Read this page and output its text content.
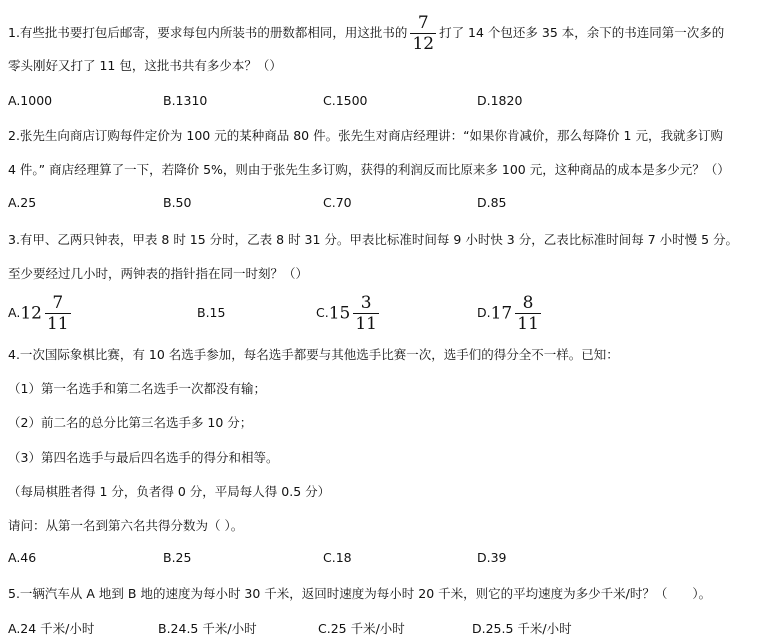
1.有些批书要打包后邮寄，要求每包内所装书的册数都相同，用这批书的 $\frac{7}{12}$ 打了 14 个包还多 35 本，余下的书连同第一次多的
零头刚好又打了 11 包，这批书共有多少本？（）
A.1000	B.1310	C.1500	D.1820
2.张先生向商店订购每件定价为 100 元的某种商品 80 件。张先生对商店经理讲：“如果你肯减价，那么每降价 1 元，我就多订购
4 件。” 商店经理算了一下，若降价 5%，则由于张先生多订购，获得的利润反而比原来多 100 元，这种商品的成本是多少元？（）
A.25	B.50	C.70	D.85
3.有甲、乙两只钟表，甲表 8 时 15 分时，乙表 8 时 31 分。甲表比标准时间每 9 小时快 3 分，乙表比标准时间每 7 小时慢 5 分。
至少要经过几小时，两钟表的指针指在同一时刻？（）
$A.12 \frac{7}{11}$	B.15	$C.15 \frac{3}{11}$	$D.17 \frac{8}{11}$
4.一次国际象棋比赛，有 10 名选手参加，每名选手都要与其他选手比赛一次，选手们的得分全不一样。已知：
（1）第一名选手和第二名选手一次都没有输；
（2）前二名的总分比第三名选手多 10 分；
（3）第四名选手与最后四名选手的得分和相等。
（每局棋胜者得 1 分，负者得 0 分，平局每人得 0.5 分）
请问：从第一名到第六名共得分数为（ ）。
A.46	B.25	C.18	D.39
5.一辆汽车从 A 地到 B 地的速度为每小时 30 千米，返回时速度为每小时 20 千米，则它的平均速度为多少千米/时？（　　）。
A.24 千米/小时	B.24.5 千米/小时	C.25 千米/小时	D.25.5 千米/小时
